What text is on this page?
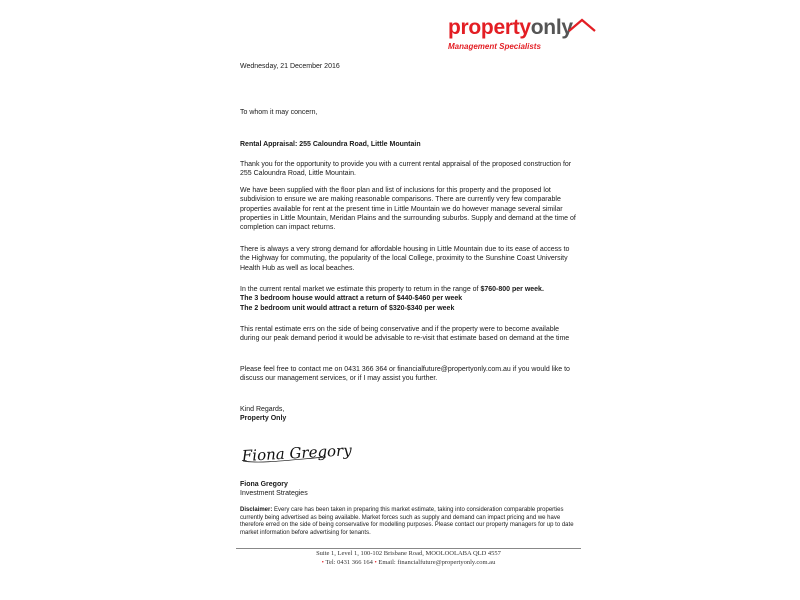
propertyonly
Management Specialists

Wednesday, 21 December 2016

To whom it may concern,

Rental Appraisal: 255 Caloundra Road, Little Mountain

Thank you for the opportunity to provide you with a current rental appraisal of the proposed construction for 255 Caloundra Road, Little Mountain.

We have been supplied with the floor plan and list of inclusions for this property and the proposed lot subdivision to ensure we are making reasonable comparisons. There are currently very few comparable properties available for rent at the present time in Little Mountain we do however manage several similar properties in Little Mountain, Meridan Plains and the surrounding suburbs. Supply and demand at the time of completion can impact returns.

There is always a very strong demand for affordable housing in Little Mountain due to its ease of access to the Highway for commuting, the popularity of the local College, proximity to the Sunshine Coast University Health Hub as well as local beaches.

In the current rental market we estimate this property to return in the range of $760-800 per week.

The 3 bedroom house would attract a return of $440-$460 per week

The 2 bedroom unit would attract a return of $320-$340 per week

This rental estimate errs on the side of being conservative and if the property were to become available during our peak demand period it would be advisable to re-visit that estimate based on demand at the time

Please feel free to contact me on 0431 366 364 or financialfuture@propertyonly.com.au if you would like to discuss our management services, or if I may assist you further.

Kind Regards,

Property Only

Fiona Gregory

Fiona Gregory

Investment Strategies

Disclaimer: Every care has been taken in preparing this market estimate, taking into consideration comparable properties currently being advertised as being available. Market forces such as supply and demand can impact pricing and we have therefore erred on the side of being conservative for modelling purposes. Please contact our property managers for up to date market information before advertising for tenants.

Suite 1, Level 1, 100-102 Brisbane Road, MOOLOOLABA QLD 4557
• Tel: 0431 366 164 • Email: financialfuture@propertyonly.com.au
